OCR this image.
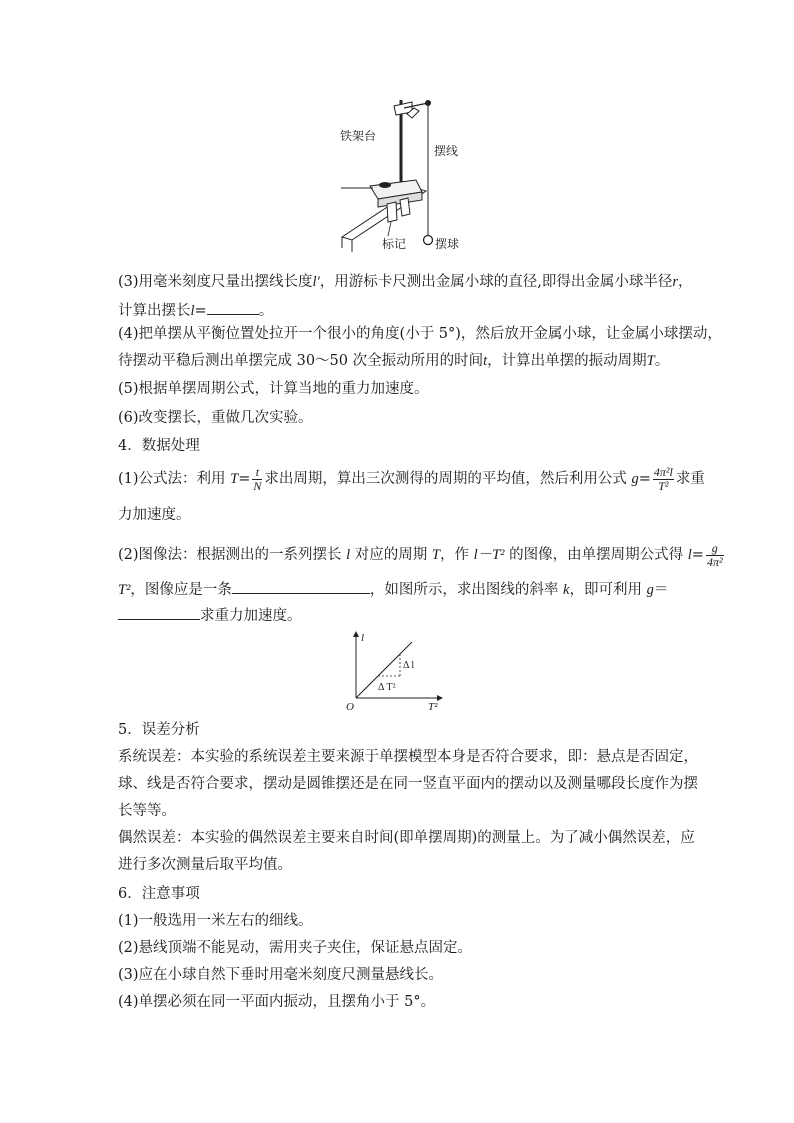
铁架台
摆线
标记 摆球
(3)用毫米刻度尺量出摆线长度l′，用游标卡尺测出金属小球的直径,即得出金属小球半径r，
计算出摆长l=	。
(4)把单摆从平衡位置处拉开一个很小的角度(小于 5°)，然后放开金属小球，让金属小球摆动，
待摆动平稳后测出单摆完成 30～50 次全振动所用的时间t，计算出单摆的振动周期T。
(5)根据单摆周期公式，计算当地的重力加速度。
(6)改变摆长，重做几次实验。
4．数据处理
(1)公式法：利用 $T= \frac{t}{N}$ 求出周期，算出三次测得的周期的平均值，然后利用公式 $g= \frac{\text{4π²l}}{\text{T²}}$ 求重
力加速度。
(2)图像法：根据测出的一系列摆长 l 对应的周期 T，作 l－T² 的图像，由单摆周期公式得 $l= \frac{g}{\text{4π²}}$
T²，图像应是一条	，如图所示，求出图线的斜率 k，即可利用 g＝
求重力加速度。
l
T²
O
Δ l
Δ T²
5．误差分析
系统误差：本实验的系统误差主要来源于单摆模型本身是否符合要求，即：悬点是否固定，
球、线是否符合要求，摆动是圆锥摆还是在同一竖直平面内的摆动以及测量哪段长度作为摆
长等等。
偶然误差：本实验的偶然误差主要来自时间(即单摆周期)的测量上。为了减小偶然误差，应
进行多次测量后取平均值。
6．注意事项
(1)一般选用一米左右的细线。
(2)悬线顶端不能晃动，需用夹子夹住，保证悬点固定。
(3)应在小球自然下垂时用毫米刻度尺测量悬线长。
(4)单摆必须在同一平面内振动，且摆角小于 5°。
